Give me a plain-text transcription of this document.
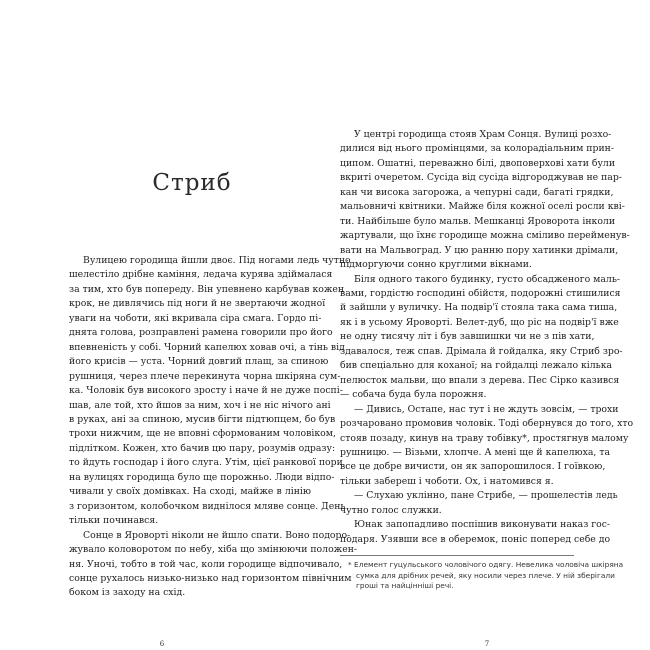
Стриб
Вулицею городища йшли двоє. Під ногами ледь чутно
шелестіло дрібне каміння, ледача курява здіймалася
за тим, хто був попереду. Він упевнено карбував кожен
крок, не дивлячись під ноги й не звертаючи жодної
уваги на чоботи, які вкривала сіра смага. Гордо пі-
днята голова, розправлені рамена говорили про його
впевненість у собі. Чорний капелюх ховав очі, а тінь від
його крисів — уста. Чорний довгий плащ, за спиною
рушниця, через плече перекинута чорна шкіряна сум-
ка. Чоловік був високого зросту і наче й не дуже поспі-
шав, але той, хто йшов за ним, хоч і не ніс нічого ані
в руках, ані за спиною, мусив бігти підтюпцем, бо був
трохи нижчим, ще не вповні сформованим чоловіком,
підлітком. Кожен, хто бачив цю пару, розумів одразу:
то йдуть господар і його слуга. Утім, цієї ранкової пори
на вулицях городища було ще порожньо. Люди відпо-
чивали у своїх домівках. На сході, майже в лінію
з горизонтом, колобочком виднілося мляве сонце. День
тільки починався.
Сонце в Яроворті ніколи не йшло спати. Воно подоро-
жувало коловоротом по небу, хіба що змінюючи положен-
ня. Уночі, тобто в той час, коли городище відпочивало,
сонце рухалось низько-низько над горизонтом північним
боком із заходу на схід.
6
У центрі городища стояв Храм Сонця. Вулиці розхо-
дилися від нього промінцями, за колорадіальним прин-
ципом. Ошатні, переважно білі, двоповерхові хати були
вкриті очеретом. Сусіда від сусіда відгороджував не пар-
кан чи висока загорожа, а чепурні сади, багаті грядки,
мальовничі квітники. Майже біля кожної оселі росли кві-
ти. Найбільше було мальв. Мешканці Яроворота інколи
жартували, що їхнє городище можна сміливо перейменув-
вати на Мальвоград. У цю ранню пору хатинки дрімали,
підморгуючи сонно круглими вікнами.
Біля одного такого будинку, густо обсадженого маль-
вами, гордістю господині обійстя, подорожні стишилися
й зайшли у вуличку. На подвір'ї стояла така сама тиша,
як і в усьому Яроворті. Велет-дуб, що ріс на подвір'ї вже
не одну тисячу літ і був завшишки чи не з пів хати,
здавалося, теж спав. Дрімала й гойдалка, яку Стриб зро-
бив спеціально для коханої; на гойдалці лежало кілька
пелюсток мальви, що впали з дерева. Пес Сірко казився
— собача буда була порожня.
— Дивись, Остапе, нас тут і не ждуть зовсім, — трохи
розчаровано промовив чоловік. Тоді обернувся до того, хто
стояв позаду, кинув на траву тобівку*, простягнув малому
рушницю. — Візьми, хлопче. А мені ще й капелюха, та
все це добре вичисти, он як запорошилося. І гоївкою,
тільки забереш і чоботи. Ох, і натомився я.
— Слухаю уклінно, пане Стрибе, — прошелестів ледь
чутно голос служки.
Юнак запопадливо поспішив виконувати наказ гос-
подаря. Узявши все в оберемок, поніс поперед себе до
* Елемент гуцульського чоловічого одягу. Невелика чоловіча шкіряна
сумка для дрібних речей, яку носили через плече. У ній зберігали
гроші та найцінніші речі.
7
